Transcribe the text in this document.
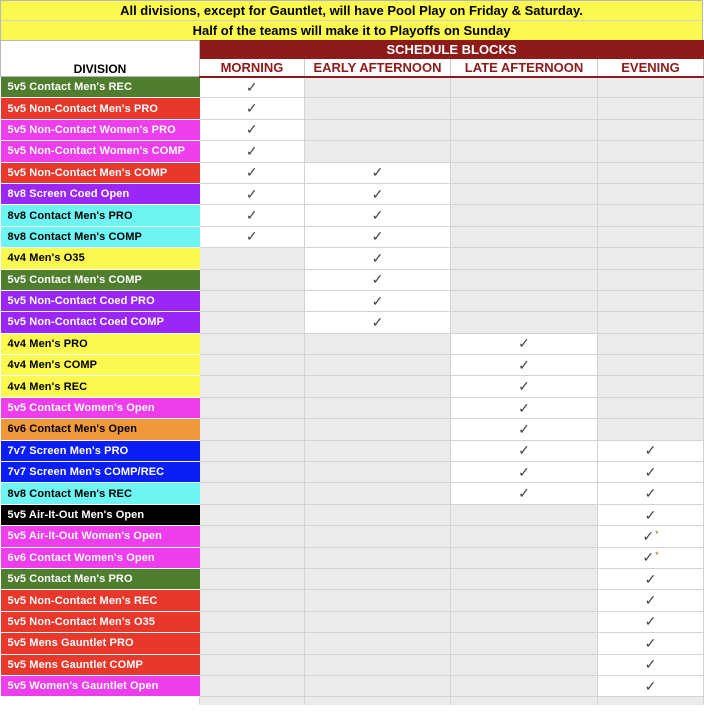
All divisions, except for Gauntlet, will have Pool Play on Friday & Saturday.
Half of the teams will make it to Playoffs on Sunday
DIVISION	SCHEDULE BLOCKS			
	MORNING	EARLY AFTERNOON	LATE AFTERNOON	EVENING
5v5 Contact Men's REC	✓			
5v5 Non-Contact Men's PRO	✓			
5v5 Non-Contact Women's PRO	✓			
5v5 Non-Contact Women's COMP	✓			
5v5 Non-Contact Men's COMP	✓	✓		
8v8 Screen Coed Open	✓	✓		
8v8 Contact Men's PRO	✓	✓		
8v8 Contact Men's COMP	✓	✓		
4v4 Men's O35		✓		
5v5 Contact Men's COMP		✓		
5v5 Non-Contact Coed PRO		✓		
5v5 Non-Contact Coed COMP		✓		
4v4 Men's PRO			✓	
4v4 Men's COMP			✓	
4v4 Men's REC			✓	
5v5 Contact Women's Open			✓	
6v6 Contact Men's Open			✓	
7v7 Screen Men's PRO			✓	✓
7v7 Screen Men's COMP/REC			✓	✓
8v8 Contact Men's REC			✓	✓
5v5 Air-It-Out Men's Open				✓
5v5 Air-It-Out Women's Open				✓*
6v6 Contact Women's Open				✓*
5v5 Contact Men's PRO				✓
5v5 Non-Contact Men's REC				✓
5v5 Non-Contact Men's O35				✓
5v5 Mens Gauntlet PRO				✓
5v5 Mens Gauntlet COMP				✓
5v5 Women's Gauntlet Open				✓
